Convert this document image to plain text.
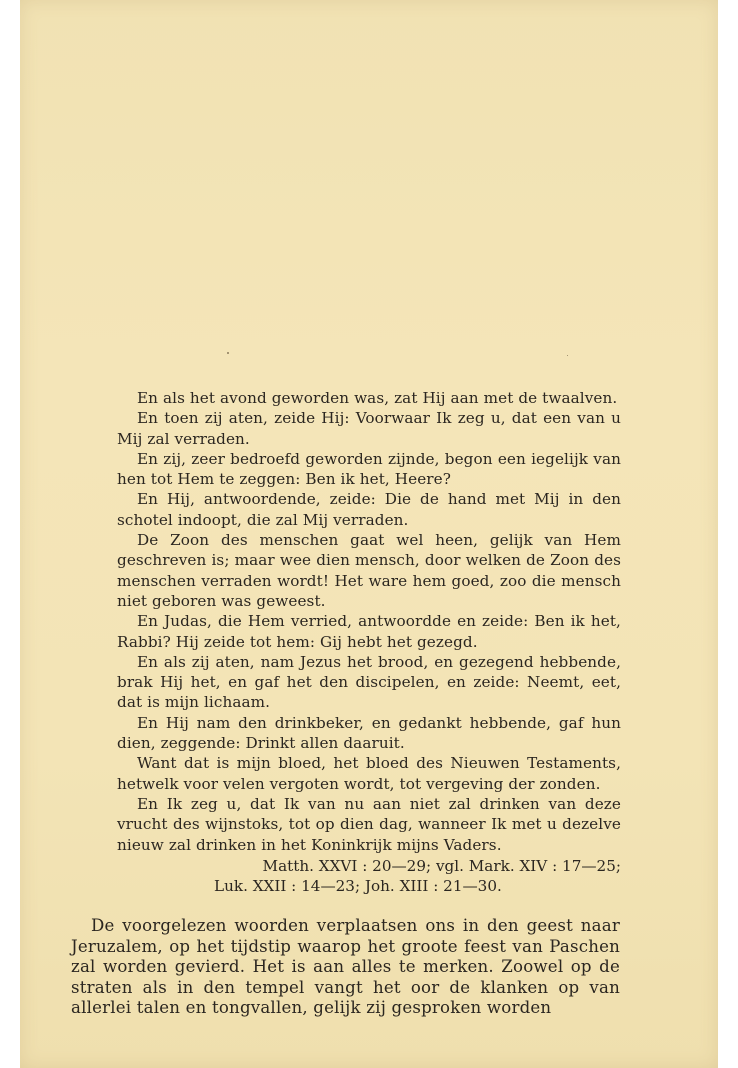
En als het avond geworden was, zat Hij aan met de twaalven.

En toen zij aten, zeide Hij: Voorwaar Ik zeg u, dat een van u Mij zal verraden.

En zij, zeer bedroefd geworden zijnde, begon een iegelijk van hen tot Hem te zeggen: Ben ik het, Heere?

En Hij, antwoordende, zeide: Die de hand met Mij in den schotel indoopt, die zal Mij verraden.

De Zoon des menschen gaat wel heen, gelijk van Hem geschreven is; maar wee dien mensch, door welken de Zoon des menschen verraden wordt! Het ware hem goed, zoo die mensch niet geboren was geweest.

En Judas, die Hem verried, antwoordde en zeide: Ben ik het, Rabbi? Hij zeide tot hem: Gij hebt het gezegd.

En als zij aten, nam Jezus het brood, en gezegend hebbende, brak Hij het, en gaf het den discipelen, en zeide: Neemt, eet, dat is mijn lichaam.

En Hij nam den drinkbeker, en gedankt hebbende, gaf hun dien, zeggende: Drinkt allen daaruit.

Want dat is mijn bloed, het bloed des Nieuwen Testaments, hetwelk voor velen vergoten wordt, tot vergeving der zonden.

En Ik zeg u, dat Ik van nu aan niet zal drinken van deze vrucht des wijnstoks, tot op dien dag, wanneer Ik met u dezelve nieuw zal drinken in het Koninkrijk mijns Vaders.

Matth. XXVI : 20—29; vgl. Mark. XIV : 17—25;
Luk. XXII : 14—23; Joh. XIII : 21—30.

De voorgelezen woorden verplaatsen ons in den geest naar Jeruzalem, op het tijdstip waarop het groote feest van Paschen zal worden gevierd. Het is aan alles te merken. Zoowel op de straten als in den tempel vangt het oor de klanken op van allerlei talen en tongvallen, gelijk zij gesproken worden
